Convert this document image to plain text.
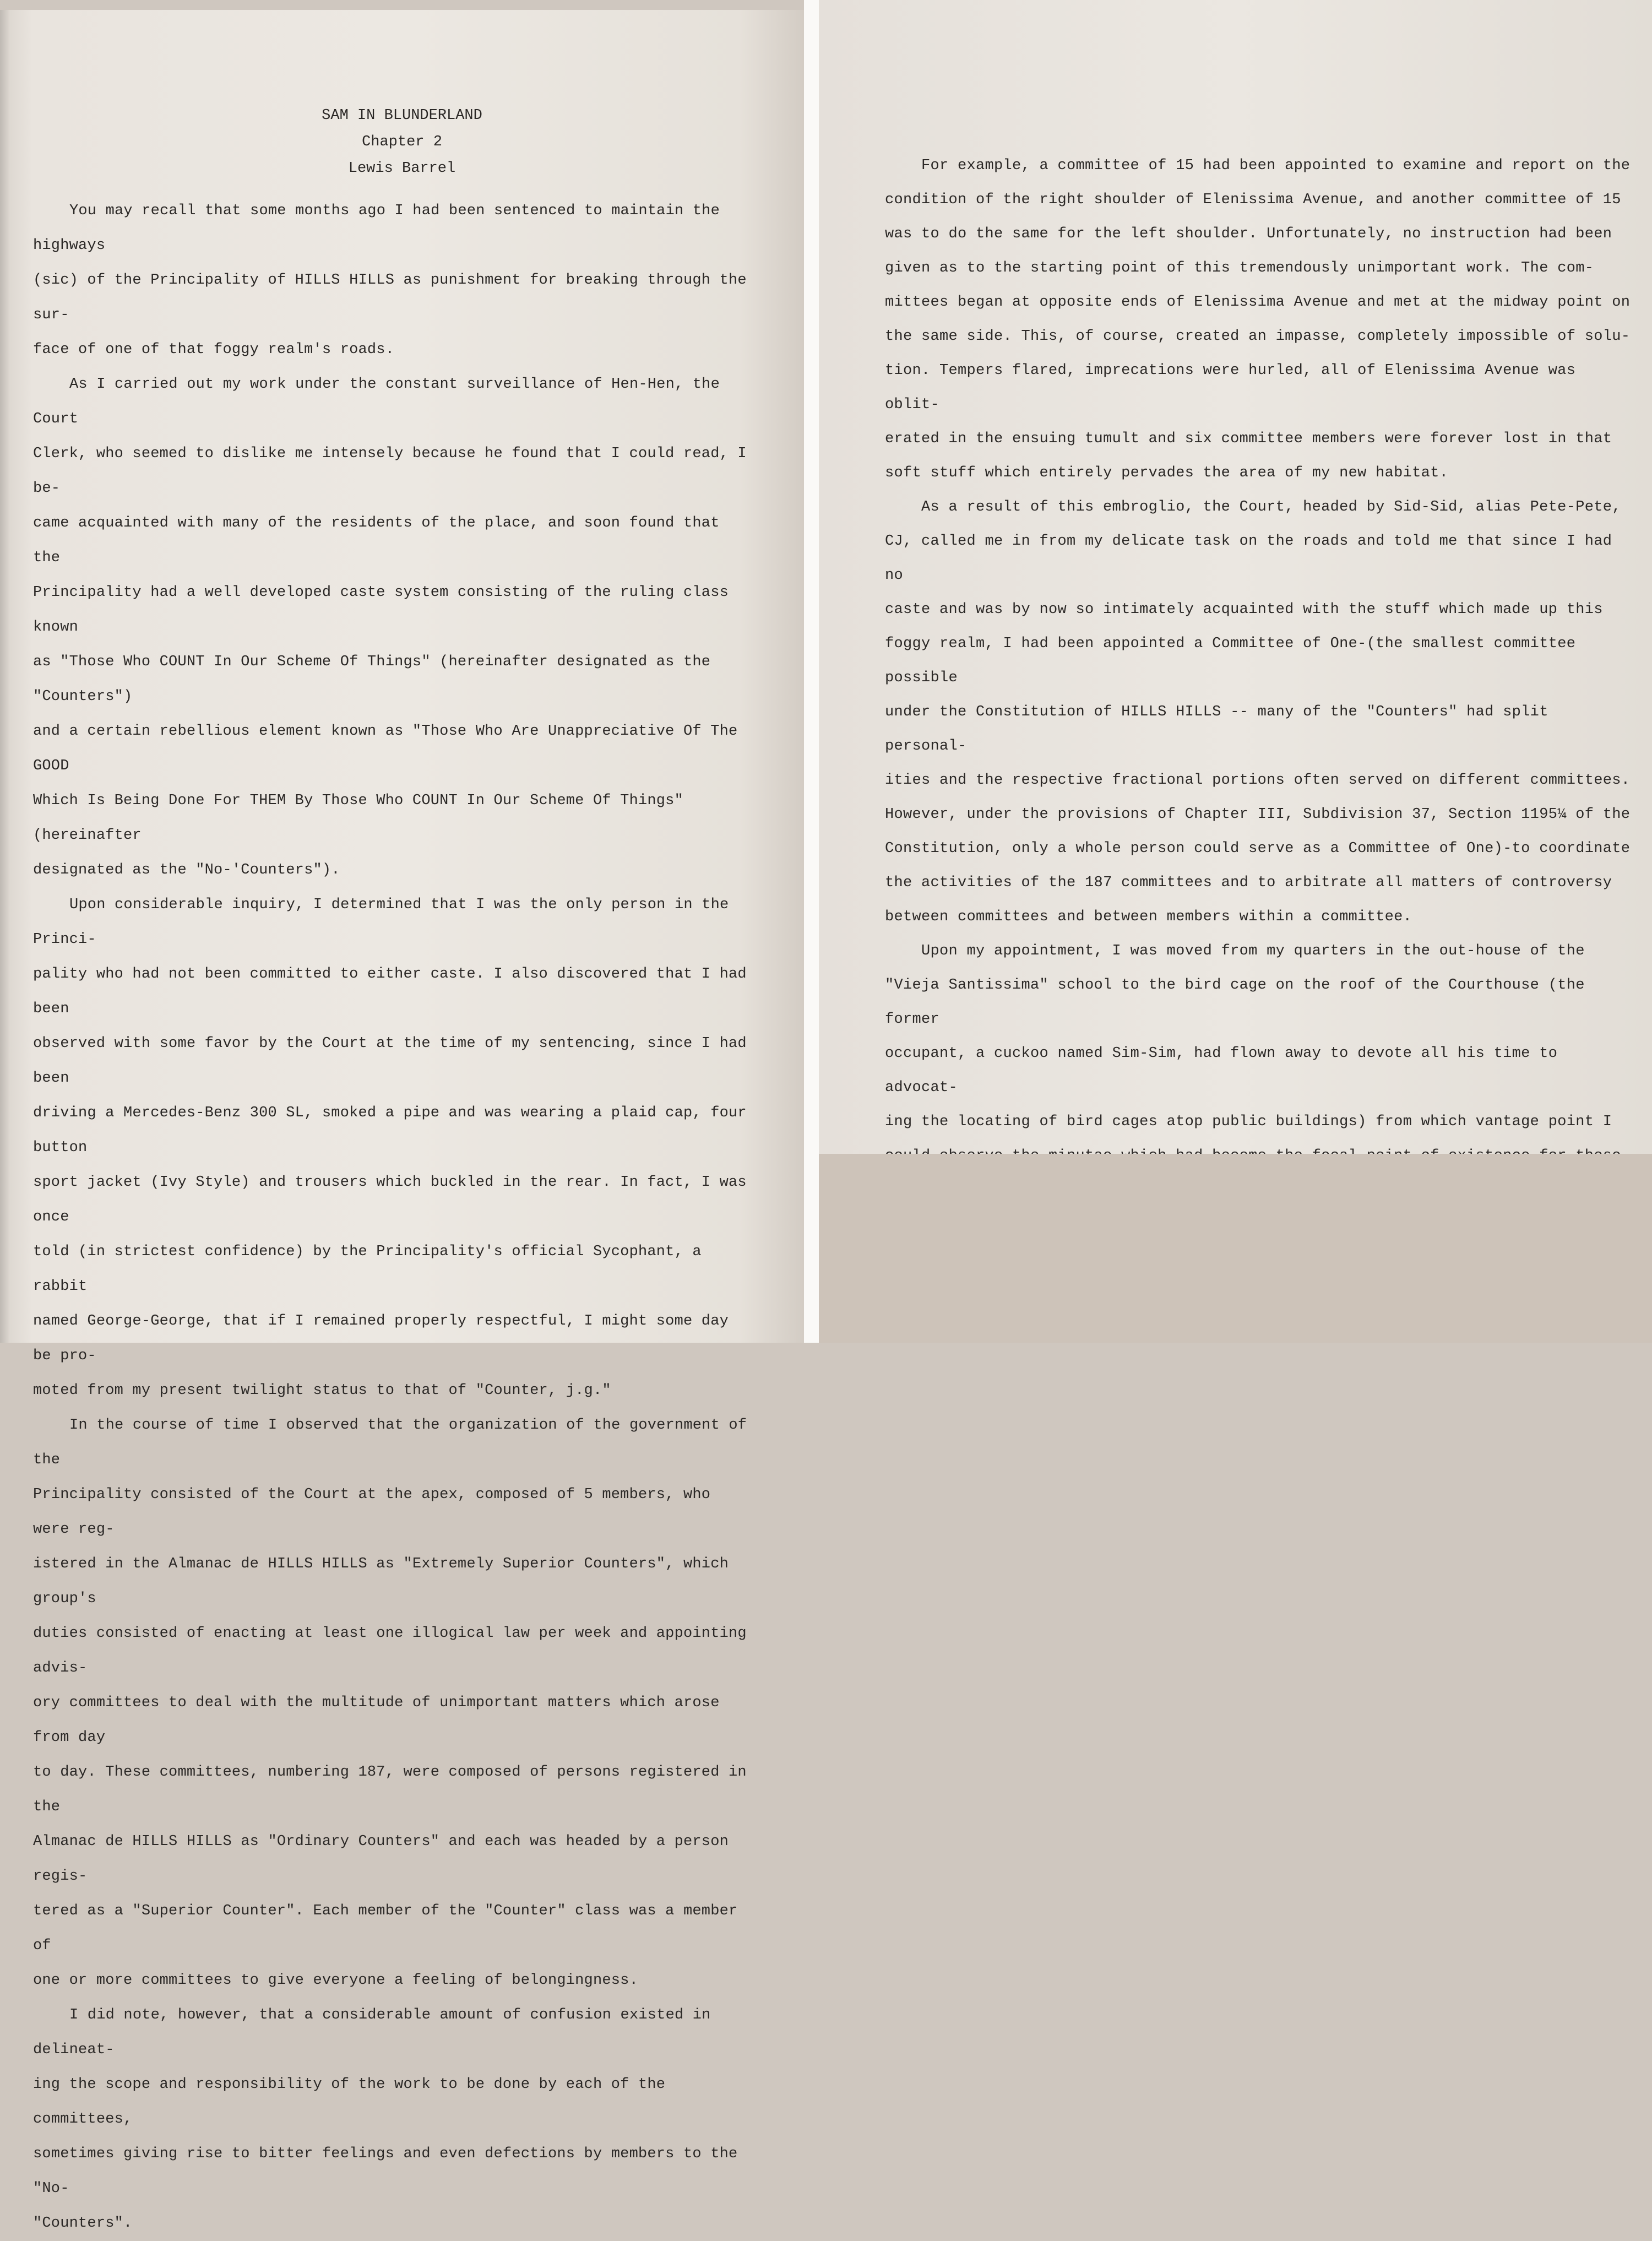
SAM IN BLUNDERLAND
Chapter 2
Lewis Barrel

You may recall that some months ago I had been sentenced to maintain the highways
(sic) of the Principality of HILLS HILLS as punishment for breaking through the sur-
face of one of that foggy realm's roads.

As I carried out my work under the constant surveillance of Hen-Hen, the Court
Clerk, who seemed to dislike me intensely because he found that I could read, I be-
came acquainted with many of the residents of the place, and soon found that the
Principality had a well developed caste system consisting of the ruling class known
as "Those Who COUNT In Our Scheme Of Things" (hereinafter designated as the "Counters")
and a certain rebellious element known as "Those Who Are Unappreciative Of The GOOD
Which Is Being Done For THEM By Those Who COUNT In Our Scheme Of Things" (hereinafter
designated as the "No-'Counters").

Upon considerable inquiry, I determined that I was the only person in the Princi-
pality who had not been committed to either caste. I also discovered that I had been
observed with some favor by the Court at the time of my sentencing, since I had been
driving a Mercedes-Benz 300 SL, smoked a pipe and was wearing a plaid cap, four button
sport jacket (Ivy Style) and trousers which buckled in the rear. In fact, I was once
told (in strictest confidence) by the Principality's official Sycophant, a rabbit
named George-George, that if I remained properly respectful, I might some day be pro-
moted from my present twilight status to that of "Counter, j.g."

In the course of time I observed that the organization of the government of the
Principality consisted of the Court at the apex, composed of 5 members, who were reg-
istered in the Almanac de HILLS HILLS as "Extremely Superior Counters", which group's
duties consisted of enacting at least one illogical law per week and appointing advis-
ory committees to deal with the multitude of unimportant matters which arose from day
to day. These committees, numbering 187, were composed of persons registered in the
Almanac de HILLS HILLS as "Ordinary Counters" and each was headed by a person regis-
tered as a "Superior Counter". Each member of the "Counter" class was a member of
one or more committees to give everyone a feeling of belongingness.

I did note, however, that a considerable amount of confusion existed in delineat-
ing the scope and responsibility of the work to be done by each of the committees,
sometimes giving rise to bitter feelings and even defections by members to the "No-
"Counters".

For example, a committee of 15 had been appointed to examine and report on the
condition of the right shoulder of Elenissima Avenue, and another committee of 15
was to do the same for the left shoulder. Unfortunately, no instruction had been
given as to the starting point of this tremendously unimportant work. The com-
mittees began at opposite ends of Elenissima Avenue and met at the midway point on
the same side. This, of course, created an impasse, completely impossible of solu-
tion. Tempers flared, imprecations were hurled, all of Elenissima Avenue was oblit-
erated in the ensuing tumult and six committee members were forever lost in that
soft stuff which entirely pervades the area of my new habitat.

As a result of this embroglio, the Court, headed by Sid-Sid, alias Pete-Pete,
CJ, called me in from my delicate task on the roads and told me that since I had no
caste and was by now so intimately acquainted with the stuff which made up this
foggy realm, I had been appointed a Committee of One-(the smallest committee possible
under the Constitution of HILLS HILLS -- many of the "Counters" had split personal-
ities and the respective fractional portions often served on different committees.
However, under the provisions of Chapter III, Subdivision 37, Section 1195¼ of the
Constitution, only a whole person could serve as a Committee of One)-to coordinate
the activities of the 187 committees and to arbitrate all matters of controversy
between committees and between members within a committee.

Upon my appointment, I was moved from my quarters in the out-house of the
"Vieja Santissima" school to the bird cage on the roof of the Courthouse (the former
occupant, a cuckoo named Sim-Sim, had flown away to devote all his time to advocat-
ing the locating of bird cages atop public buildings) from which vantage point I
